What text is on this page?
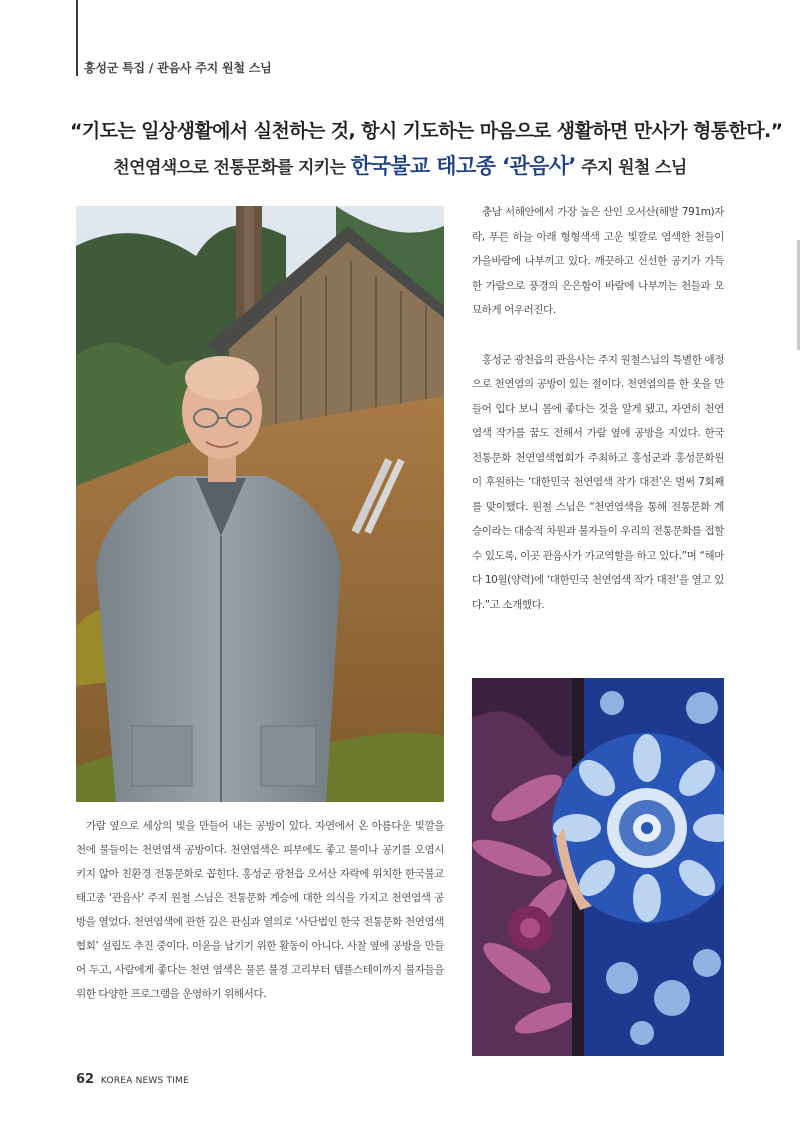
홍성군 특집 / 관음사 주지 원철 스님
“기도는 일상생활에서 실천하는 것, 항시 기도하는 마음으로 생활하면 만사가 형통한다.”
천연염색으로 전통문화를 지키는 한국불교 태고종 ‘관음사’ 주지 원철 스님

충남 서해안에서 가장 높은 산인 오서산(해발 791m)자락, 푸른 하늘 아래 형형색색 고운 빛깔로 염색한 천들이 가을바람에 나부끼고 있다. 깨끗하고 신선한 공기가 가득한 가람으로 풍경의 은은함이 바람에 나부끼는 천들과 오묘하게 어우러진다.

홍성군 광천읍의 관음사는 주지 원철스님의 특별한 애정으로 천연염의 공방이 있는 절이다. 천연염의를 한 옷을 만들어 입다 보니 몸에 좋다는 것을 알게 됐고, 자연히 천연염색 작가를 꿈도 전해서 가람 옆에 공방을 지었다. 한국 전통문화 천연염색협회가 주최하고 홍성군과 홍성문화원이 후원하는 ‘대한민국 천연염색 작가 대전’은 벌써 7회째를 맞이했다. 원철 스님은 “천연염색을 통해 전통문화 계승이라는 대승적 차원과 불자들이 우리의 전통문화를 접할 수 있도록, 이곳 관음사가 가교역할을 하고 있다.”며 “해마다 10월(양력)에 ‘대한민국 천연염색 작가 대전’을 열고 있다.”고 소개했다.

가람 옆으로 세상의 빛을 만들어 내는 공방이 있다. 자연에서 온 아름다운 빛깔을 천에 물들이는 천연염색 공방이다. 천연염색은 피부에도 좋고 물이나 공기를 오염시키지 않아 친환경 전통문화로 꼽힌다. 홍성군 광천읍 오서산 자락에 위치한 한국불교 태고종 ‘관음사’ 주지 원철 스님은 전통문화 계승에 대한 의식을 가지고 천연염색 공방을 열었다. 천연염색에 관한 깊은 관심과 열의로 ‘사단법인 한국 전통문화 천연염색협회’ 설립도 추진 중이다. 이윤을 남기기 위한 활동이 아니다. 사찰 옆에 공방을 만들어 두고, 사람에게 좋다는 천연 염색은 물론 불경 고리부터 템플스테이까지 불자들을 위한 다양한 프로그램을 운영하기 위해서다.

62 KOREA NEWS TIME
